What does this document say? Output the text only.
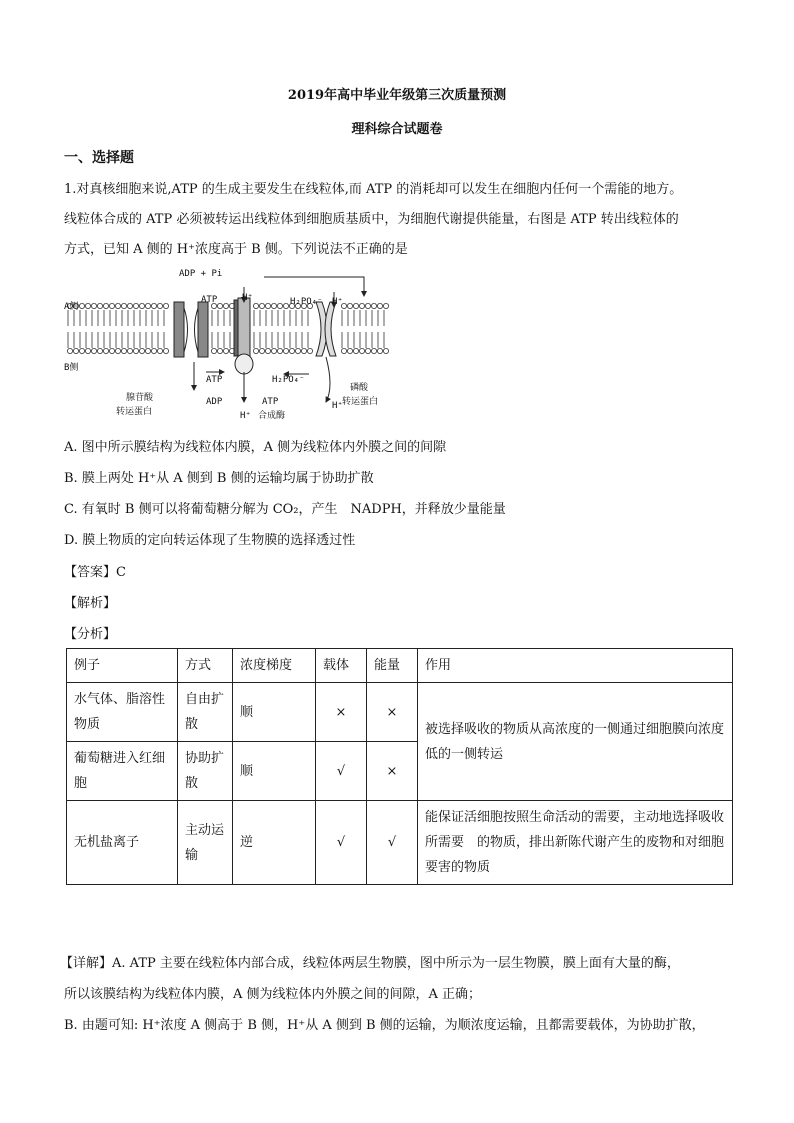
2019年高中毕业年级第三次质量预测
理科综合试题卷
一、选择题
1.对真核细胞来说,ATP 的生成主要发生在线粒体,而 ATP 的消耗却可以发生在细胞内任何一个需能的地方。
线粒体合成的 ATP 必须被转运出线粒体到细胞质基质中，为细胞代谢提供能量，右图是 ATP 转出线粒体的
方式，已知 A 侧的 H⁺浓度高于 B 侧。下列说法不正确的是
ADP + Pi
ATP	H⁺	H₂PO₄⁻ H⁺
A侧
B侧
腺苷酸
转运蛋白
ATP
ADP
H₂PO₄⁻
ATP
合成酶
H⁺
H⁺
磷酸
转运蛋白
A. 图中所示膜结构为线粒体内膜，A 侧为线粒体内外膜之间的间隙
B. 膜上两处 H⁺从 A 侧到 B 侧的运输均属于协助扩散
C. 有氧时 B 侧可以将葡萄糖分解为 CO₂，产生　NADPH，并释放少量能量
D. 膜上物质的定向转运体现了生物膜的选择透过性
【答案】C
【解析】
【分析】
例子	方式	浓度梯度	载体	能量	作用
水气体、脂溶性物质	自由扩散	顺	×	×	被选择吸收的物质从高浓度的一侧通过细胞膜向浓度低的一侧转运
葡萄糖进入红细胞	协助扩散	顺	√	×	
无机盐离子	主动运输	逆	√	√	能保证活细胞按照生命活动的需要，主动地选择吸收所需要　的物质，排出新陈代谢产生的废物和对细胞要害的物质
【详解】A. ATP 主要在线粒体内部合成，线粒体两层生物膜，图中所示为一层生物膜，膜上面有大量的酶，
所以该膜结构为线粒体内膜，A 侧为线粒体内外膜之间的间隙，A 正确；
B. 由题可知: H⁺浓度 A 侧高于 B 侧，H⁺从 A 侧到 B 侧的运输，为顺浓度运输，且都需要载体，为协助扩散，
